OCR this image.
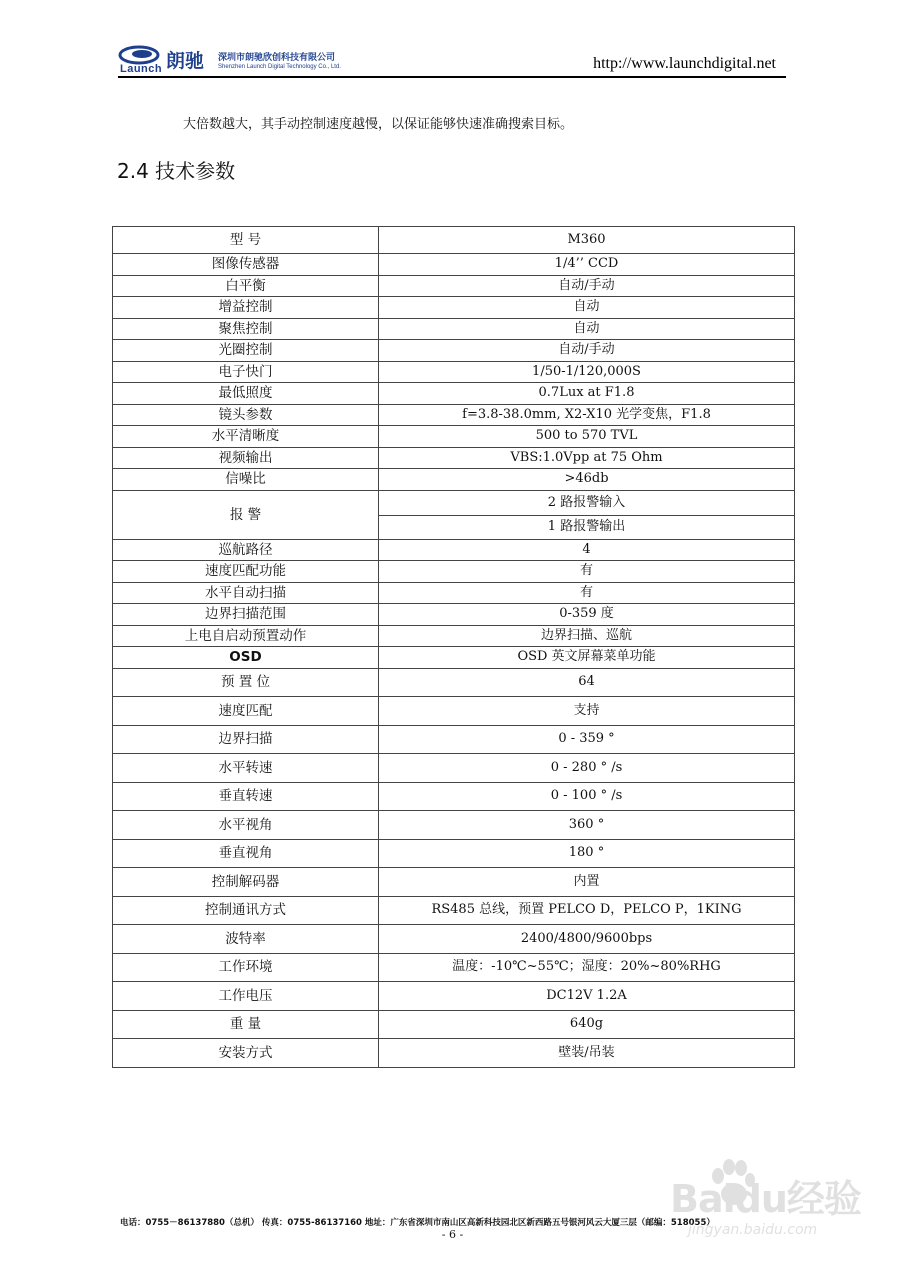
Launch 朗驰 深圳市朗驰欣创科技有限公司
Shenzhen Launch Digital Technology Co., Ltd.	http://www.launchdigital.net
大倍数越大，其手动控制速度越慢，以保证能够快速准确搜索目标。
2.4 技术参数
型 号	M360
图像传感器	1/4’’ CCD
白平衡	自动/手动
增益控制	自动
聚焦控制	自动
光圈控制	自动/手动
电子快门	1/50-1/120,000S
最低照度	0.7Lux at F1.8
镜头参数	f=3.8-38.0mm, X2-X10 光学变焦，F1.8
水平清晰度	500 to 570 TVL
视频输出	VBS:1.0Vpp at 75 Ohm
信噪比	>46db
报 警	2 路报警输入
	1 路报警输出
巡航路径	4
速度匹配功能	有
水平自动扫描	有
边界扫描范围	0-359 度
上电自启动预置动作	边界扫描、巡航
OSD	OSD 英文屏幕菜单功能
预 置 位	64
速度匹配	支持
边界扫描	0 - 359 °
水平转速	0 - 280 ° /s
垂直转速	0 - 100 ° /s
水平视角	360 °
垂直视角	180 °
控制解码器	内置
控制通讯方式	RS485 总线，预置 PELCO D，PELCO P，1KING
波特率	2400/4800/9600bps
工作环境	温度：-10℃~55℃；湿度：20%~80%RHG
工作电压	DC12V 1.2A
重 量	640g
安装方式	壁装/吊装
电话：0755－86137880（总机） 传真：0755-86137160 地址：广东省深圳市南山区高新科技园北区新西路五号银河风云大厦三层（邮编：518055）
- 6 -
Baidu经验
jingyan.baidu.com
